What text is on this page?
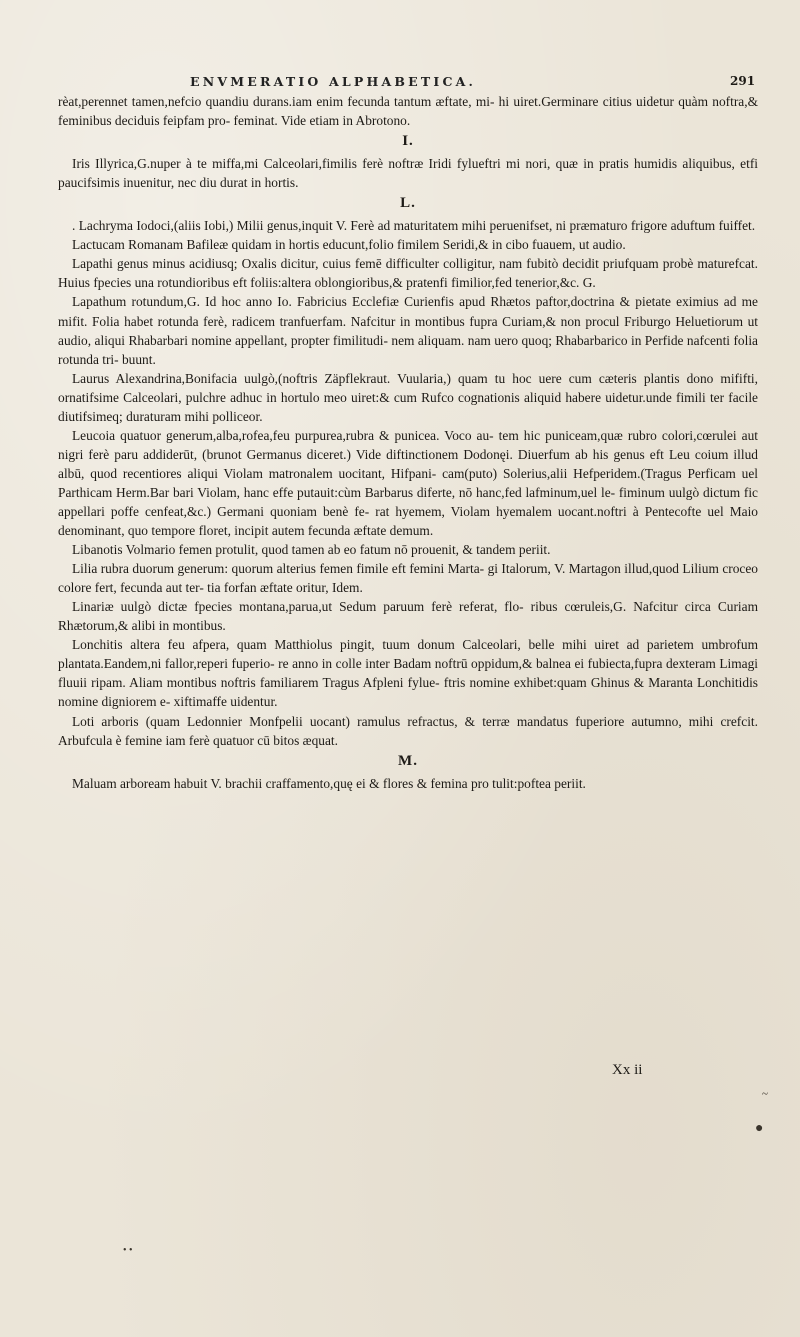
ENVMERATIO ALPHABETICA.	291

rèat,perennet tamen,nefcio quandiu durans.iam enim fecunda tantum æftate, mi- hi uiret.Germinare citius uidetur quàm noftra,& feminibus deciduis feipfam pro- feminat. Vide etiam in Abrotono.

I.

Iris Illyrica,G.nuper à te miffa,mi Calceolari,fimilis ferè noftræ Iridi fylueftri mi nori, quæ in pratis humidis aliquibus, etfi paucifsimis inuenitur, nec diu durat in hortis.

L.

. Lachryma Iodoci,(aliis Iobi,) Milii genus,inquit V. Ferè ad maturitatem mihi peruenifset, ni præmaturo frigore aduftum fuiffet.

Lactucam Romanam Bafileæ quidam in hortis educunt,folio fimilem Seridi,& in cibo fuauem, ut audio.

Lapathi genus minus acidiusq; Oxalis dicitur, cuius femē difficulter colligitur, nam fubitò decidit priufquam probè maturefcat. Huius fpecies una rotundioribus eft foliis:altera oblongioribus,& pratenfi fimilior,fed tenerior,&c. G.

Lapathum rotundum,G. Id hoc anno Io. Fabricius Ecclefiæ Curienfis apud Rhætos paftor,doctrina & pietate eximius ad me mifit. Folia habet rotunda ferè, radicem tranfuerfam. Nafcitur in montibus fupra Curiam,& non procul Friburgo Heluetiorum ut audio, aliqui Rhabarbari nomine appellant, propter fimilitudi- nem aliquam. nam uero quoq; Rhabarbarico in Perfide nafcenti folia rotunda tri- buunt.

Laurus Alexandrina,Bonifacia uulgò,(noftris Zäpflekraut. Vuularia,) quam tu hoc uere cum cæteris plantis dono mififti, ornatifsime Calceolari, pulchre adhuc in hortulo meo uiret:& cum Rufco cognationis aliquid habere uidetur.unde fimili ter facile diutifsimeq; duraturam mihi polliceor.

Leucoia quatuor generum,alba,rofea,feu purpurea,rubra & punicea. Voco au- tem hic puniceam,quæ rubro colori,cœrulei aut nigri ferè paru addiderūt, (brunot Germanus diceret.) Vide diftinctionem Dodonęi. Diuerfum ab his genus eft Leu coium illud albū, quod recentiores aliqui Violam matronalem uocitant, Hifpani- cam(puto) Solerius,alii Hefperidem.(Tragus Perficam uel Parthicam Herm.Bar bari Violam, hanc effe putauit:cùm Barbarus diferte, nō hanc,fed lafminum,uel le- fiminum uulgò dictum fic appellari poffe cenfeat,&c.) Germani quoniam benè fe- rat hyemem, Violam hyemalem uocant.noftri à Pentecofte uel Maio denominant, quo tempore floret, incipit autem fecunda æftate demum.

Libanotis Volmario femen protulit, quod tamen ab eo fatum nō prouenit, & tandem periit.

Lilia rubra duorum generum: quorum alterius femen fimile eft femini Marta- gi Italorum, V. Martagon illud,quod Lilium croceo colore fert, fecunda aut ter- tia forfan æftate oritur, Idem.

Linariæ uulgò dictæ fpecies montana,parua,ut Sedum paruum ferè referat, flo- ribus cœruleis,G. Nafcitur circa Curiam Rhætorum,& alibi in montibus.

Lonchitis altera feu afpera, quam Matthiolus pingit, tuum donum Calceolari, belle mihi uiret ad parietem umbrofum plantata.Eandem,ni fallor,reperi fuperio- re anno in colle inter Badam noftrū oppidum,& balnea ei fubiecta,fupra dexteram Limagi fluuii ripam. Aliam montibus noftris familiarem Tragus Afpleni fylue- ftris nomine exhibet:quam Ghinus & Maranta Lonchitidis nomine digniorem e- xiftimaffe uidentur.

Loti arboris (quam Ledonnier Monfpelii uocant) ramulus refractus, & terræ mandatus fuperiore autumno, mihi crefcit. Arbufcula è femine iam ferè quatuor cū bitos æquat.

M.

Maluam arboream habuit V. brachii craffamento,quę ei & flores & femina pro tulit:poftea periit.

Xx ii
~
●
• •
